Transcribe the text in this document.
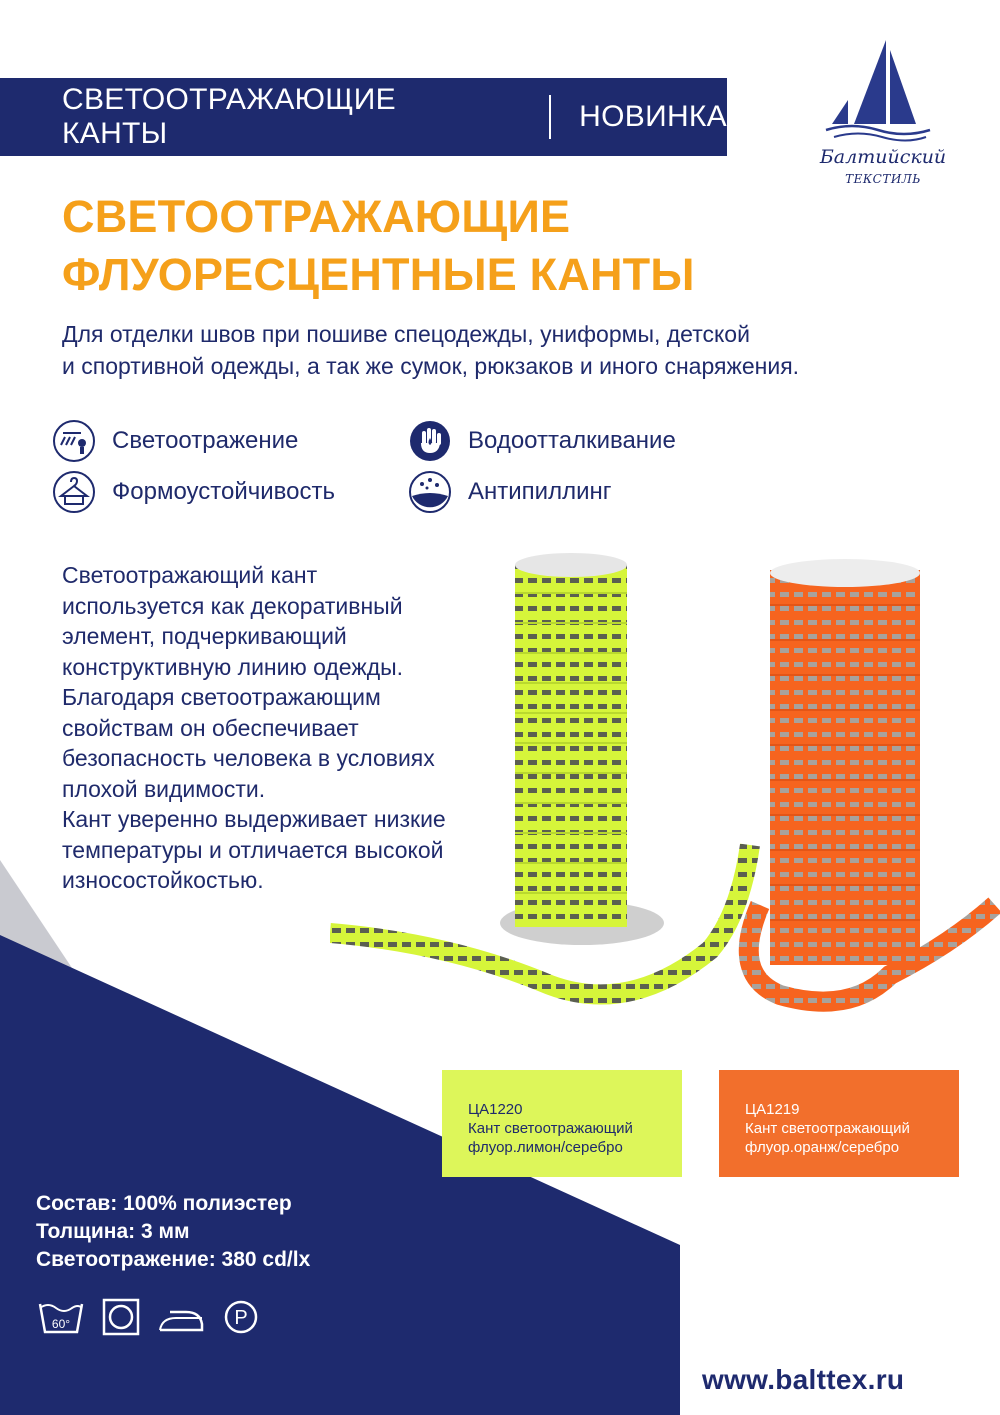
СВЕТООТРАЖАЮЩИЕ КАНТЫ
НОВИНКА
Балтийский
ТЕКСТИЛЬ
СВЕТООТРАЖАЮЩИЕ
ФЛУОРЕСЦЕНТНЫЕ КАНТЫ
Для отделки швов при пошиве спецодежды, униформы, детской
и спортивной одежды, а так же сумок, рюкзаков и иного снаряжения.
Светоотражение	Водоотталкивание
Формоустойчивость	Антипиллинг
Светоотражающий кант
используется как декоративный
элемент, подчеркивающий
конструктивную линию одежды.
Благодаря светоотражающим
свойствам он обеспечивает
безопасность человека в условиях
плохой видимости.
Кант уверенно выдерживает низкие
температуры и отличается высокой
износостойкостью.
ЦА1220
Кант светоотражающий
флуор.лимон/серебро
ЦА1219
Кант светоотражающий
флуор.оранж/серебро
Состав: 100% полиэстер
Толщина: 3 мм
Светоотражение: 380 cd/lx
60°	P
www.balttex.ru
